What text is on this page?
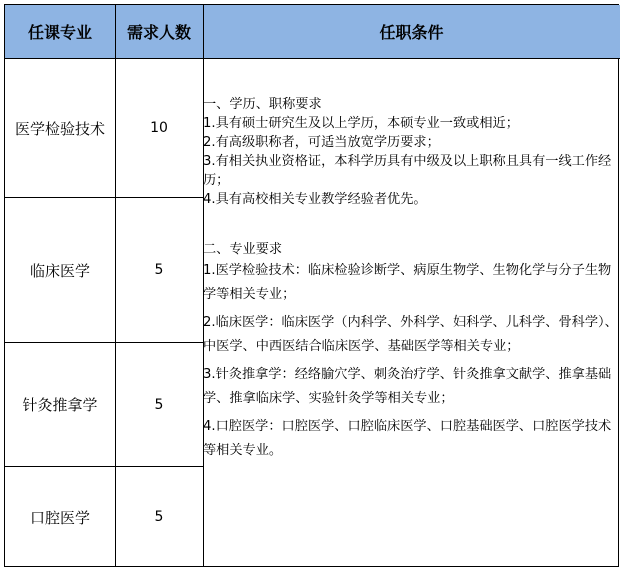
任课专业	需求人数	任职条件
医学检验技术	10
临床医学	5
针灸推拿学	5
口腔医学	5

一、学历、职称要求

1.具有硕士研究生及以上学历，本硕专业一致或相近；

2.有高级职称者，可适当放宽学历要求；

3.有相关执业资格证，本科学历具有中级及以上职称且具有一线工作经历；

4.具有高校相关专业教学经验者优先。

二、专业要求

1.医学检验技术：临床检验诊断学、病原生物学、生物化学与分子生物学等相关专业；

2.临床医学：临床医学（内科学、外科学、妇科学、儿科学、骨科学）、中医学、中西医结合临床医学、基础医学等相关专业；

3.针灸推拿学：经络腧穴学、刺灸治疗学、针灸推拿文献学、推拿基础学、推拿临床学、实验针灸学等相关专业；

4.口腔医学：口腔医学、口腔临床医学、口腔基础医学、口腔医学技术等相关专业。
